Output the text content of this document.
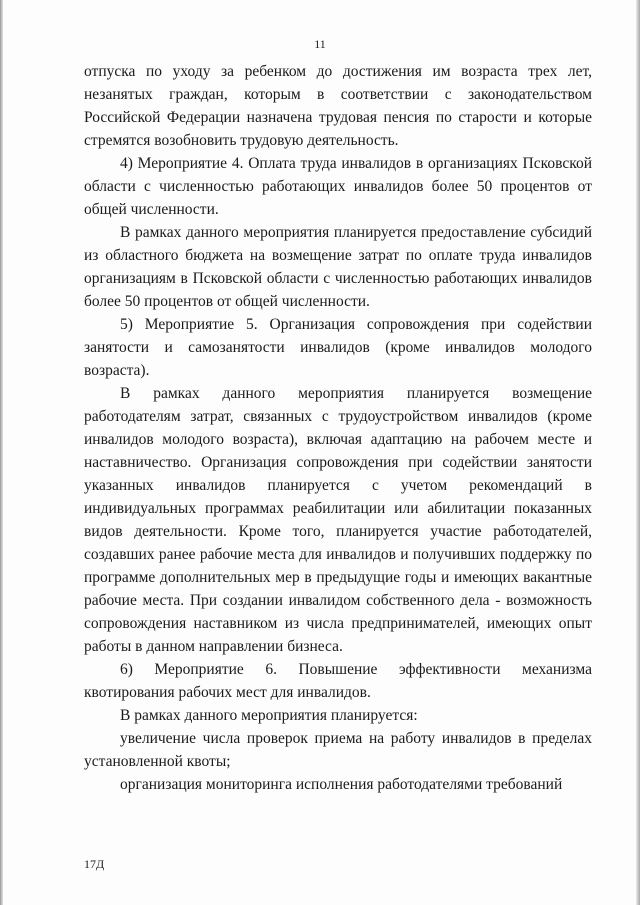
11

отпуска по уходу за ребенком до достижения им возраста трех лет, незанятых граждан, которым в соответствии с законодательством Российской Федерации назначена трудовая пенсия по старости и которые стремятся возобновить трудовую деятельность.

4) Мероприятие 4. Оплата труда инвалидов в организациях Псковской области с численностью работающих инвалидов более 50 процентов от общей численности.

В рамках данного мероприятия планируется предоставление субсидий из областного бюджета на возмещение затрат по оплате труда инвалидов организациям в Псковской области с численностью работающих инвалидов более 50 процентов от общей численности.

5) Мероприятие 5. Организация сопровождения при содействии занятости и самозанятости инвалидов (кроме инвалидов молодого возраста).

В рамках данного мероприятия планируется возмещение работодателям затрат, связанных с трудоустройством инвалидов (кроме инвалидов молодого возраста), включая адаптацию на рабочем месте и наставничество. Организация сопровождения при содействии занятости указанных инвалидов планируется с учетом рекомендаций в индивидуальных программах реабилитации или абилитации показанных видов деятельности. Кроме того, планируется участие работодателей, создавших ранее рабочие места для инвалидов и получивших поддержку по программе дополнительных мер в предыдущие годы и имеющих вакантные рабочие места. При создании инвалидом собственного дела - возможность сопровождения наставником из числа предпринимателей, имеющих опыт работы в данном направлении бизнеса.

6) Мероприятие 6. Повышение эффективности механизма квотирования рабочих мест для инвалидов.

В рамках данного мероприятия планируется:

увеличение числа проверок приема на работу инвалидов в пределах установленной квоты;

организация мониторинга исполнения работодателями требований

17Д
